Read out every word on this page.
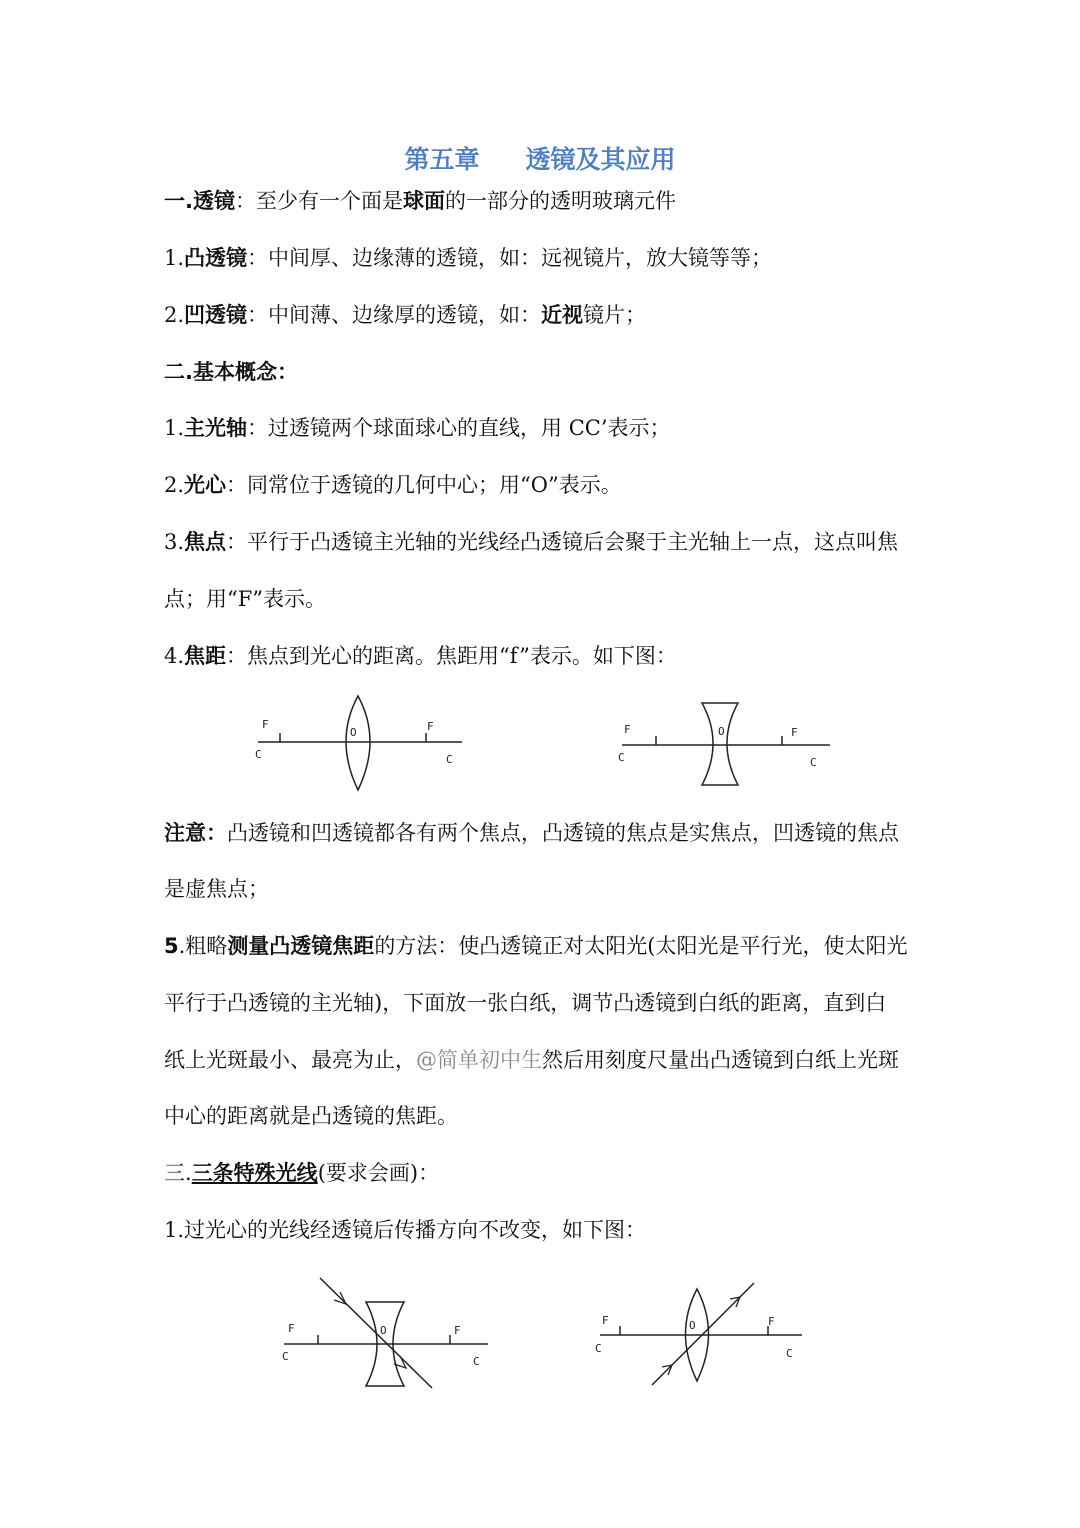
第五章 透镜及其应用
一.透镜：至少有一个面是球面的一部分的透明玻璃元件
1.凸透镜：中间厚、边缘薄的透镜，如：远视镜片，放大镜等等；
2.凹透镜：中间薄、边缘厚的透镜，如：近视镜片；
二.基本概念：
1.主光轴：过透镜两个球面球心的直线，用 CC’表示；
2.光心：同常位于透镜的几何中心；用“O”表示。
3.焦点：平行于凸透镜主光轴的光线经凸透镜后会聚于主光轴上一点，这点叫焦
点；用“F”表示。
4.焦距：焦点到光心的距离。焦距用“f”表示。如下图：
F
C
O	F
C
F
C
O	F
C
注意：凸透镜和凹透镜都各有两个焦点，凸透镜的焦点是实焦点，凹透镜的焦点
是虚焦点；
5.粗略测量凸透镜焦距的方法：使凸透镜正对太阳光(太阳光是平行光，使太阳光
平行于凸透镜的主光轴)，下面放一张白纸，调节凸透镜到白纸的距离，直到白
纸上光斑最小、最亮为止，@简单初中生然后用刻度尺量出凸透镜到白纸上光斑
中心的距离就是凸透镜的焦距。
三.三条特殊光线(要求会画)：
1.过光心的光线经透镜后传播方向不改变，如下图：
F
C
O	F
C
F
C
O	F
C
